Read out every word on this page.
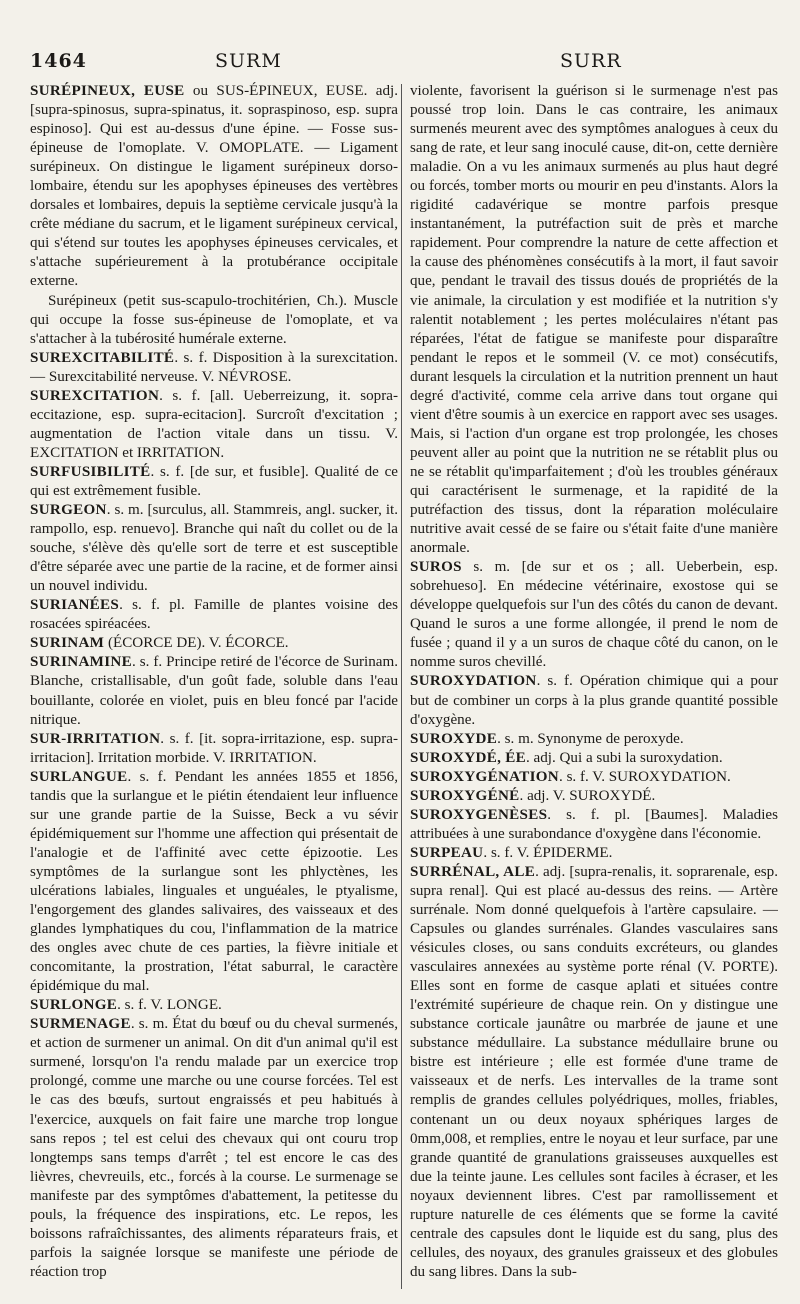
1464	SURM	SURR

SURÉPINEUX, EUSE ou SUS-ÉPINEUX, EUSE. adj. [supra-spinosus, supra-spinatus, it. sopraspinoso, esp. supra espinoso]. Qui est au-dessus d'une épine. — Fosse sus-épineuse de l'omoplate. V. OMOPLATE. — Ligament surépineux. On distingue le ligament surépineux dorso-lombaire, étendu sur les apophyses épineuses des vertèbres dorsales et lombaires, depuis la septième cervicale jusqu'à la crête médiane du sacrum, et le ligament surépineux cervical, qui s'étend sur toutes les apophyses épineuses cervicales, et s'attache supérieurement à la protubérance occipitale externe.

Surépineux (petit sus-scapulo-trochitérien, Ch.). Muscle qui occupe la fosse sus-épineuse de l'omoplate, et va s'attacher à la tubérosité humérale externe.

SUREXCITABILITÉ. s. f. Disposition à la surexcitation. — Surexcitabilité nerveuse. V. NÉVROSE.

SUREXCITATION. s. f. [all. Ueberreizung, it. sopra-eccitazione, esp. supra-ecitacion]. Surcroît d'excitation ; augmentation de l'action vitale dans un tissu. V. EXCITATION et IRRITATION.

SURFUSIBILITÉ. s. f. [de sur, et fusible]. Qualité de ce qui est extrêmement fusible.

SURGEON. s. m. [surculus, all. Stammreis, angl. sucker, it. rampollo, esp. renuevo]. Branche qui naît du collet ou de la souche, s'élève dès qu'elle sort de terre et est susceptible d'être séparée avec une partie de la racine, et de former ainsi un nouvel individu.

SURIANÉES. s. f. pl. Famille de plantes voisine des rosacées spiréacées.

SURINAM (ÉCORCE DE). V. ÉCORCE.

SURINAMINE. s. f. Principe retiré de l'écorce de Surinam. Blanche, cristallisable, d'un goût fade, soluble dans l'eau bouillante, colorée en violet, puis en bleu foncé par l'acide nitrique.

SUR-IRRITATION. s. f. [it. sopra-irritazione, esp. supra-irritacion]. Irritation morbide. V. IRRITATION.

SURLANGUE. s. f. Pendant les années 1855 et 1856, tandis que la surlangue et le piétin étendaient leur influence sur une grande partie de la Suisse, Beck a vu sévir épidémiquement sur l'homme une affection qui présentait de l'analogie et de l'affinité avec cette épizootie. Les symptômes de la surlangue sont les phlyctènes, les ulcérations labiales, linguales et unguéales, le ptyalisme, l'engorgement des glandes salivaires, des vaisseaux et des glandes lymphatiques du cou, l'inflammation de la matrice des ongles avec chute de ces parties, la fièvre initiale et concomitante, la prostration, l'état saburral, le caractère épidémique du mal.

SURLONGE. s. f. V. LONGE.

SURMENAGE. s. m. État du bœuf ou du cheval surmenés, et action de surmener un animal. On dit d'un animal qu'il est surmené, lorsqu'on l'a rendu malade par un exercice trop prolongé, comme une marche ou une course forcées. Tel est le cas des bœufs, surtout engraissés et peu habitués à l'exercice, auxquels on fait faire une marche trop longue sans repos ; tel est celui des chevaux qui ont couru trop longtemps sans temps d'arrêt ; tel est encore le cas des lièvres, chevreuils, etc., forcés à la course. Le surmenage se manifeste par des symptômes d'abattement, la petitesse du pouls, la fréquence des inspirations, etc. Le repos, les boissons rafraîchissantes, des aliments réparateurs frais, et parfois la saignée lorsque se manifeste une période de réaction trop

violente, favorisent la guérison si le surmenage n'est pas poussé trop loin. Dans le cas contraire, les animaux surmenés meurent avec des symptômes analogues à ceux du sang de rate, et leur sang inoculé cause, dit-on, cette dernière maladie. On a vu les animaux surmenés au plus haut degré ou forcés, tomber morts ou mourir en peu d'instants. Alors la rigidité cadavérique se montre parfois presque instantanément, la putréfaction suit de près et marche rapidement. Pour comprendre la nature de cette affection et la cause des phénomènes consécutifs à la mort, il faut savoir que, pendant le travail des tissus doués de propriétés de la vie animale, la circulation y est modifiée et la nutrition s'y ralentit notablement ; les pertes moléculaires n'étant pas réparées, l'état de fatigue se manifeste pour disparaître pendant le repos et le sommeil (V. ce mot) consécutifs, durant lesquels la circulation et la nutrition prennent un haut degré d'activité, comme cela arrive dans tout organe qui vient d'être soumis à un exercice en rapport avec ses usages. Mais, si l'action d'un organe est trop prolongée, les choses peuvent aller au point que la nutrition ne se rétablit plus ou ne se rétablit qu'imparfaitement ; d'où les troubles généraux qui caractérisent le surmenage, et la rapidité de la putréfaction des tissus, dont la réparation moléculaire nutritive avait cessé de se faire ou s'était faite d'une manière anormale.

SUROS s. m. [de sur et os ; all. Ueberbein, esp. sobrehueso]. En médecine vétérinaire, exostose qui se développe quelquefois sur l'un des côtés du canon de devant. Quand le suros a une forme allongée, il prend le nom de fusée ; quand il y a un suros de chaque côté du canon, on le nomme suros chevillé.

SUROXYDATION. s. f. Opération chimique qui a pour but de combiner un corps à la plus grande quantité possible d'oxygène.

SUROXYDE. s. m. Synonyme de peroxyde.

SUROXYDÉ, ÉE. adj. Qui a subi la suroxydation.

SUROXYGÉNATION. s. f. V. SUROXYDATION.

SUROXYGÉNÉ. adj. V. SUROXYDÉ.

SUROXYGENÈSES. s. f. pl. [Baumes]. Maladies attribuées à une surabondance d'oxygène dans l'économie.

SURPEAU. s. f. V. ÉPIDERME.

SURRÉNAL, ALE. adj. [supra-renalis, it. soprarenale, esp. supra renal]. Qui est placé au-dessus des reins. — Artère surrénale. Nom donné quelquefois à l'artère capsulaire. — Capsules ou glandes surrénales. Glandes vasculaires sans vésicules closes, ou sans conduits excréteurs, ou glandes vasculaires annexées au système porte rénal (V. PORTE). Elles sont en forme de casque aplati et situées contre l'extrémité supérieure de chaque rein. On y distingue une substance corticale jaunâtre ou marbrée de jaune et une substance médullaire. La substance médullaire brune ou bistre est intérieure ; elle est formée d'une trame de vaisseaux et de nerfs. Les intervalles de la trame sont remplis de grandes cellules polyédriques, molles, friables, contenant un ou deux noyaux sphériques larges de 0mm,008, et remplies, entre le noyau et leur surface, par une grande quantité de granulations graisseuses auxquelles est due la teinte jaune. Les cellules sont faciles à écraser, et les noyaux deviennent libres. C'est par ramollissement et rupture naturelle de ces éléments que se forme la cavité centrale des capsules dont le liquide est du sang, plus des cellules, des noyaux, des granules graisseux et des globules du sang libres. Dans la sub-
